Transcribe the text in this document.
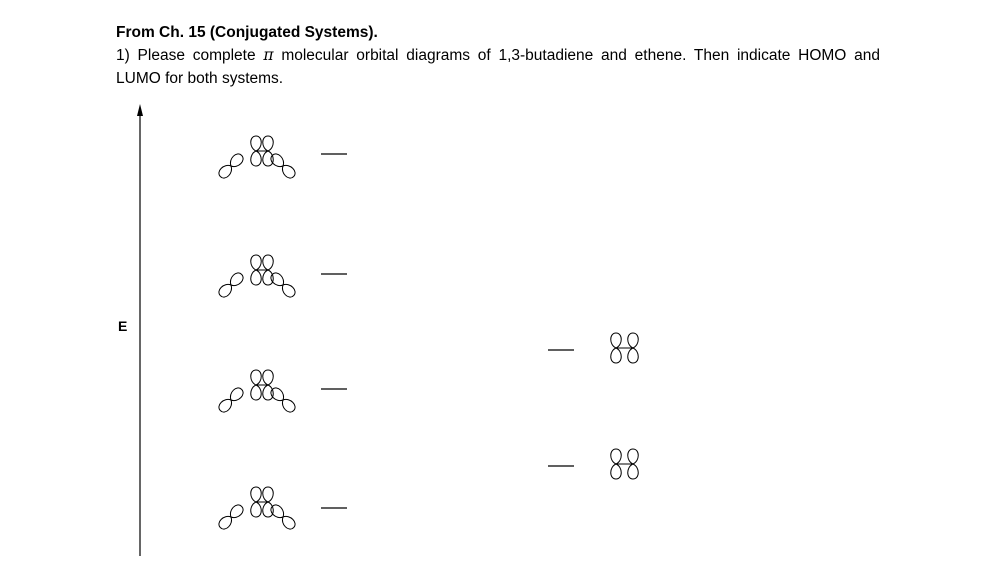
From Ch. 15 (Conjugated Systems).

1) Please complete π molecular orbital diagrams of 1,3-butadiene and ethene. Then indicate HOMO and LUMO for both systems.

E
